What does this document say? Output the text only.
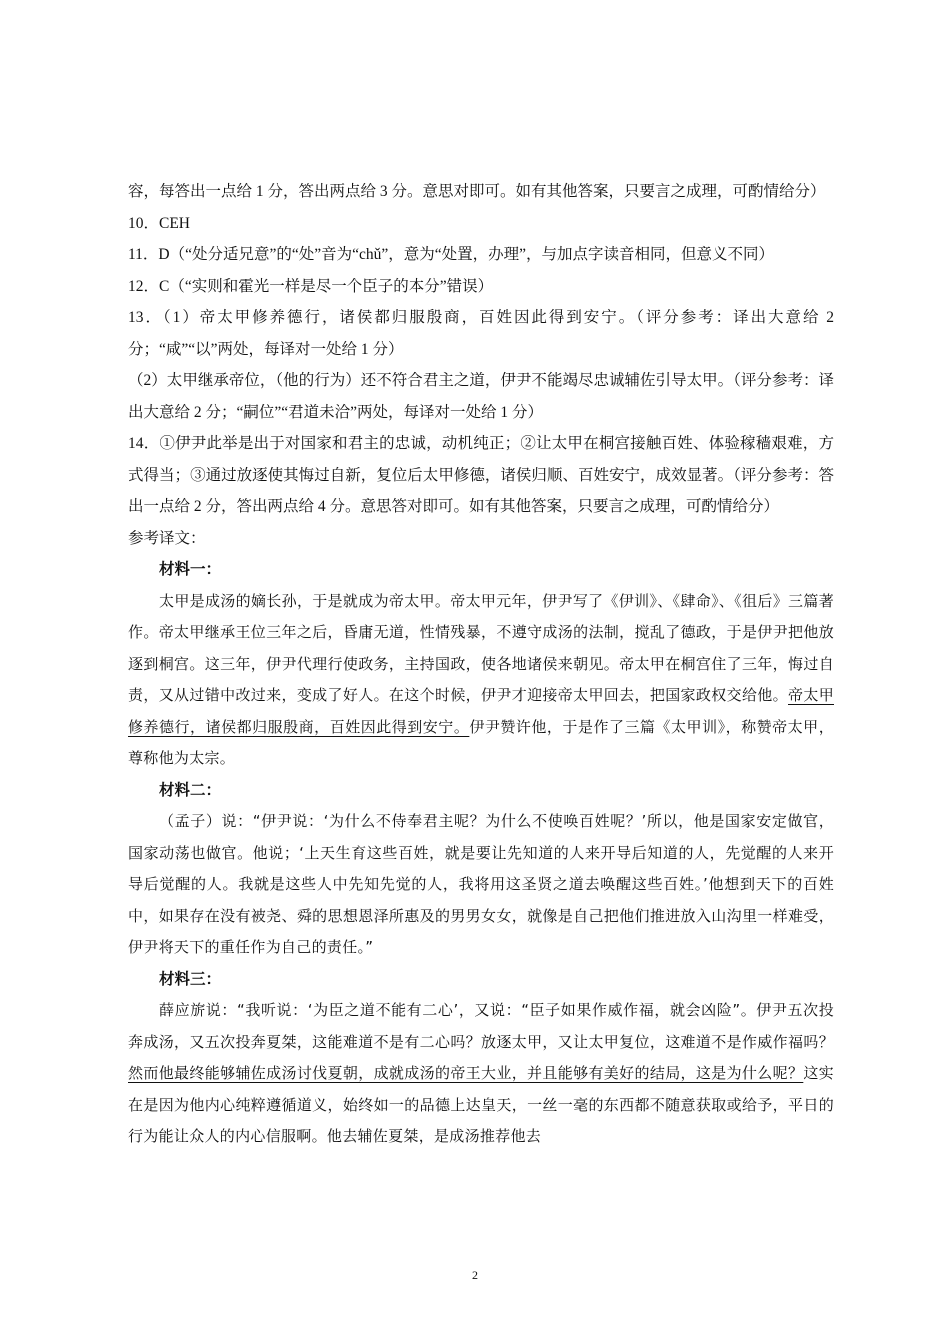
容，每答出一点给 1 分，答出两点给 3 分。意思对即可。如有其他答案，只要言之成理，可酌情给分）

10．CEH

11．D（“处分适兄意”的“处”音为“chǔ”，意为“处置，办理”，与加点字读音相同，但意义不同）

12．C（“实则和霍光一样是尽一个臣子的本分”错误）

13．（1）帝太甲修养德行，诸侯都归服殷商，百姓因此得到安宁。（评分参考：译出大意给 2 分；“咸”“以”两处，每译对一处给 1 分）

（2）太甲继承帝位，（他的行为）还不符合君主之道，伊尹不能竭尽忠诚辅佐引导太甲。（评分参考：译出大意给 2 分；“嗣位”“君道未洽”两处，每译对一处给 1 分）

14．①伊尹此举是出于对国家和君主的忠诚，动机纯正；②让太甲在桐宫接触百姓、体验稼穑艰难，方式得当；③通过放逐使其悔过自新，复位后太甲修德，诸侯归顺、百姓安宁，成效显著。（评分参考：答出一点给 2 分，答出两点给 4 分。意思答对即可。如有其他答案，只要言之成理，可酌情给分）

参考译文：

材料一：

太甲是成汤的嫡长孙，于是就成为帝太甲。帝太甲元年，伊尹写了《伊训》、《肆命》、《徂后》三篇著作。帝太甲继承王位三年之后，昏庸无道，性情残暴，不遵守成汤的法制，搅乱了德政，于是伊尹把他放逐到桐宫。这三年，伊尹代理行使政务，主持国政，使各地诸侯来朝见。帝太甲在桐宫住了三年，悔过自责，又从过错中改过来，变成了好人。在这个时候，伊尹才迎接帝太甲回去，把国家政权交给他。帝太甲修养德行，诸侯都归服殷商，百姓因此得到安宁。伊尹赞许他，于是作了三篇《太甲训》，称赞帝太甲，尊称他为太宗。

材料二：

（孟子）说：“伊尹说：‘为什么不侍奉君主呢？为什么不使唤百姓呢？’所以，他是国家安定做官，国家动荡也做官。他说；‘上天生育这些百姓，就是要让先知道的人来开导后知道的人，先觉醒的人来开导后觉醒的人。我就是这些人中先知先觉的人，我将用这圣贤之道去唤醒这些百姓。’他想到天下的百姓中，如果存在没有被尧、舜的思想恩泽所惠及的男男女女，就像是自己把他们推进放入山沟里一样难受，伊尹将天下的重任作为自己的责任。”

材料三：

薛应旂说：“我听说：‘为臣之道不能有二心’，又说：“臣子如果作威作福，就会凶险”。伊尹五次投奔成汤，又五次投奔夏桀，这能难道不是有二心吗？放逐太甲，又让太甲复位，这难道不是作威作福吗？然而他最终能够辅佐成汤讨伐夏朝，成就成汤的帝王大业，并且能够有美好的结局，这是为什么呢？这实在是因为他内心纯粹遵循道义，始终如一的品德上达皇天，一丝一毫的东西都不随意获取或给予，平日的行为能让众人的内心信服啊。他去辅佐夏桀，是成汤推荐他去

2
